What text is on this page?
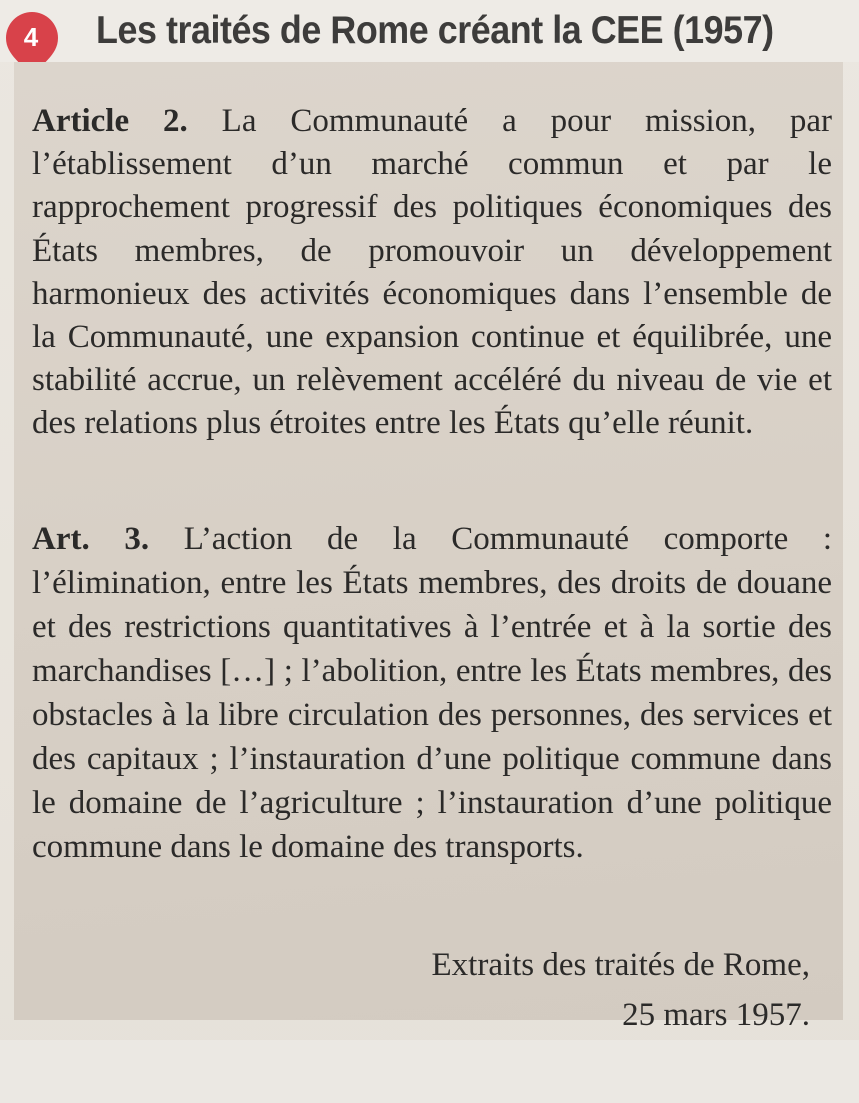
4 Les traités de Rome créant la CEE (1957)

Article 2. La Communauté a pour mission, par l’établissement d’un marché commun et par le rapprochement progressif des politiques économiques des États membres, de promouvoir un développement harmonieux des activités économiques dans l’ensemble de la Communauté, une expansion continue et équilibrée, une stabilité accrue, un relèvement accéléré du niveau de vie et des relations plus étroites entre les États qu’elle réunit.

Art. 3. L’action de la Communauté comporte : l’élimination, entre les États membres, des droits de douane et des restrictions quantitatives à l’entrée et à la sortie des marchandises […] ; l’abolition, entre les États membres, des obstacles à la libre circulation des personnes, des services et des capitaux ; l’instauration d’une politique commune dans le domaine de l’agriculture ; l’instauration d’une politique commune dans le domaine des transports.

Extraits des traités de Rome,
25 mars 1957.
